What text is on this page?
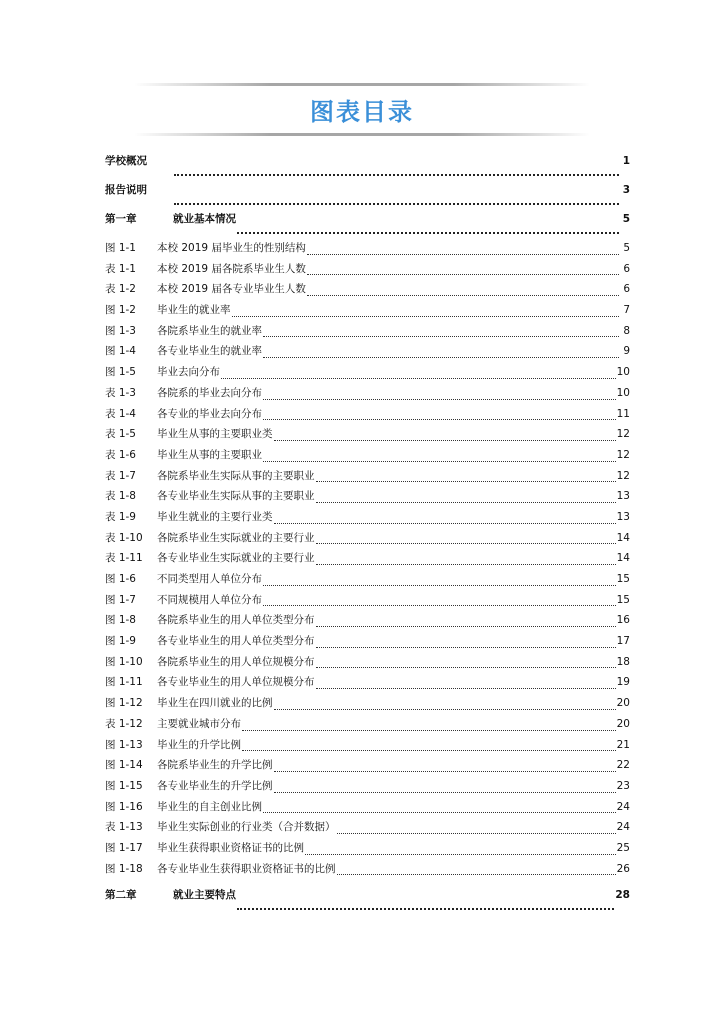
图表目录
学校概况	1
报告说明	3
第一章	就业基本情况	5
图 1-1	本校 2019 届毕业生的性别结构	5
表 1-1	本校 2019 届各院系毕业生人数	6
表 1-2	本校 2019 届各专业毕业生人数	6
图 1-2	毕业生的就业率	7
图 1-3	各院系毕业生的就业率	8
图 1-4	各专业毕业生的就业率	9
图 1-5	毕业去向分布	10
表 1-3	各院系的毕业去向分布	10
表 1-4	各专业的毕业去向分布	11
表 1-5	毕业生从事的主要职业类	12
表 1-6	毕业生从事的主要职业	12
表 1-7	各院系毕业生实际从事的主要职业	12
表 1-8	各专业毕业生实际从事的主要职业	13
表 1-9	毕业生就业的主要行业类	13
表 1-10	各院系毕业生实际就业的主要行业	14
表 1-11	各专业毕业生实际就业的主要行业	14
图 1-6	不同类型用人单位分布	15
图 1-7	不同规模用人单位分布	15
图 1-8	各院系毕业生的用人单位类型分布	16
图 1-9	各专业毕业生的用人单位类型分布	17
图 1-10	各院系毕业生的用人单位规模分布	18
图 1-11	各专业毕业生的用人单位规模分布	19
图 1-12	毕业生在四川就业的比例	20
表 1-12	主要就业城市分布	20
图 1-13	毕业生的升学比例	21
图 1-14	各院系毕业生的升学比例	22
图 1-15	各专业毕业生的升学比例	23
图 1-16	毕业生的自主创业比例	24
表 1-13	毕业生实际创业的行业类（合并数据）	24
图 1-17	毕业生获得职业资格证书的比例	25
图 1-18	各专业毕业生获得职业资格证书的比例	26
第二章	就业主要特点	28
